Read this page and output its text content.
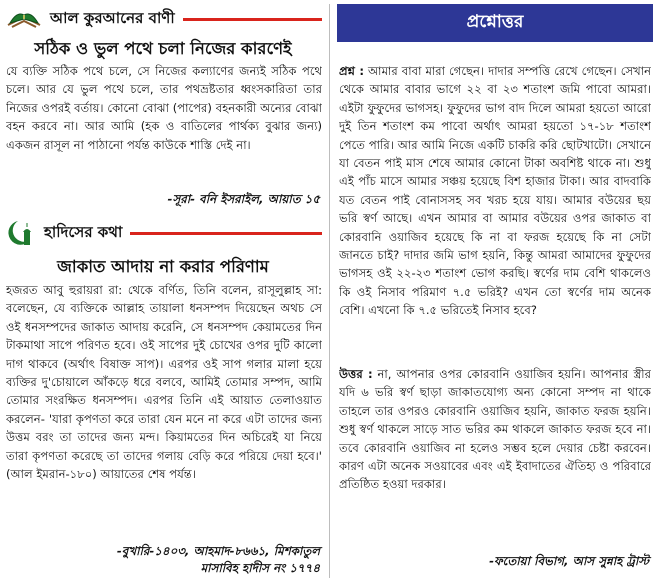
আল কুরআনের বাণী
সঠিক ও ভুল পথে চলা নিজের কারণেই
যে ব্যক্তি সঠিক পথে চলে, সে নিজের কল্যাণের জন্যই সঠিক পথে চলে। আর যে ভুল পথে চলে, তার পথভ্রষ্টতার ধ্বংসকারিতা তার নিজের ওপরই বর্তায়। কোনো বোঝা (পাপের) বহনকারী অন্যের বোঝা বহন করবে না। আর আমি (হক ও বাতিলের পার্থক্য বুঝার জন্য) একজন রাসূল না পাঠানো পর্যন্ত কাউকে শাস্তি দেই না।
-সূরা- বনি ইসরাইল, আয়াত ১৫
হাদিসের কথা
জাকাত আদায় না করার পরিণাম
হজরত আবু হুরায়রা রা: থেকে বর্ণিত, তিনি বলেন, রাসূলুল্লাহ সা: বলেছেন, যে ব্যক্তিকে আল্লাহ তায়ালা ধনসম্পদ দিয়েছেন অথচ সে ওই ধনসম্পদের জাকাত আদায় করেনি, সে ধনসম্পদ কেয়ামতের দিন টাকমাথা সাপে পরিণত হবে। ওই সাপের দুই চোখের ওপর দুটি কালো দাগ থাকবে (অর্থাৎ বিষাক্ত সাপ)। এরপর ওই সাপ গলার মালা হয়ে ব্যক্তির দু'চোয়ালে আঁকড়ে ধরে বলবে, আমিই তোমার সম্পদ, আমি তোমার সংরক্ষিত ধনসম্পদ। এরপর তিনি এই আয়াত তেলাওয়াত করলেন- 'যারা কৃপণতা করে তারা যেন মনে না করে এটা তাদের জন্য উত্তম বরং তা তাদের জন্য মন্দ। কিয়ামতের দিন অচিরেই যা নিয়ে তারা কৃপণতা করেছে তা তাদের গলায় বেড়ি করে পরিয়ে দেয়া হবে।' (আল ইমরান-১৮০) আয়াতের শেষ পর্যন্ত।
-বুখারি-১৪০৩, আহমাদ-৮৬৬১, মিশকাতুল
মাসাবিহ হাদীস নং ১৭৭৪
প্রশ্নোত্তর
প্রশ্ন : আমার বাবা মারা গেছেন। দাদার সম্পত্তি রেখে গেছেন। সেখান থেকে আমার বাবার ভাগে ২২ বা ২৩ শতাংশ জমি পাবো আমরা। এইটা ফুফুদের ভাগসহ। ফুফুদের ভাগ বাদ দিলে আমরা হয়তো আরো দুই তিন শতাংশ কম পাবো অর্থাৎ আমরা হয়তো ১৭-১৮ শতাংশ পেতে পারি। আর আমি নিজে একটি চাকরি করি ছোটখাটো। সেখানে যা বেতন পাই মাস শেষে আমার কোনো টাকা অবশিষ্ট থাকে না। শুধু এই পাঁচ মাসে আমার সঞ্চয় হয়েছে বিশ হাজার টাকা। আর বাদবাকি যত বেতন পাই বোনাসসহ সব খরচ হয়ে যায়। আমার বউয়ের ছয় ভরি স্বর্ণ আছে। এখন আমার বা আমার বউয়ের ওপর জাকাত বা কোরবানি ওয়াজিব হয়েছে কি না বা ফরজ হয়েছে কি না সেটা জানতে চাই? দাদার জমি ভাগ হয়নি, কিন্তু আমরা আমাদের ফুফুদের ভাগসহ ওই ২২-২৩ শতাংশ ভোগ করছি। স্বর্ণের দাম বেশি থাকলেও কি ওই নিসাব পরিমাণ ৭.৫ ভরিই? এখন তো স্বর্ণের দাম অনেক বেশি। এখনো কি ৭.৫ ভরিতেই নিসাব হবে?
উত্তর : না, আপনার ওপর কোরবানি ওয়াজিব হয়নি। আপনার স্ত্রীর যদি ৬ ভরি স্বর্ণ ছাড়া জাকাতযোগ্য অন্য কোনো সম্পদ না থাকে তাহলে তার ওপরও কোরবানি ওয়াজিব হয়নি, জাকাত ফরজ হয়নি। শুধু স্বর্ণ থাকলে সাড়ে সাত ভরির কম থাকলে জাকাত ফরজ হবে না। তবে কোরবানি ওয়াজিব না হলেও সম্ভব হলে দেয়ার চেষ্টা করবেন। কারণ এটা অনেক সওয়াবের এবং এই ইবাদাতের ঐতিহ্য ও পরিবারে প্রতিষ্ঠিত হওয়া দরকার।
-ফতোয়া বিভাগ, আস সুন্নাহ ট্রাস্ট
